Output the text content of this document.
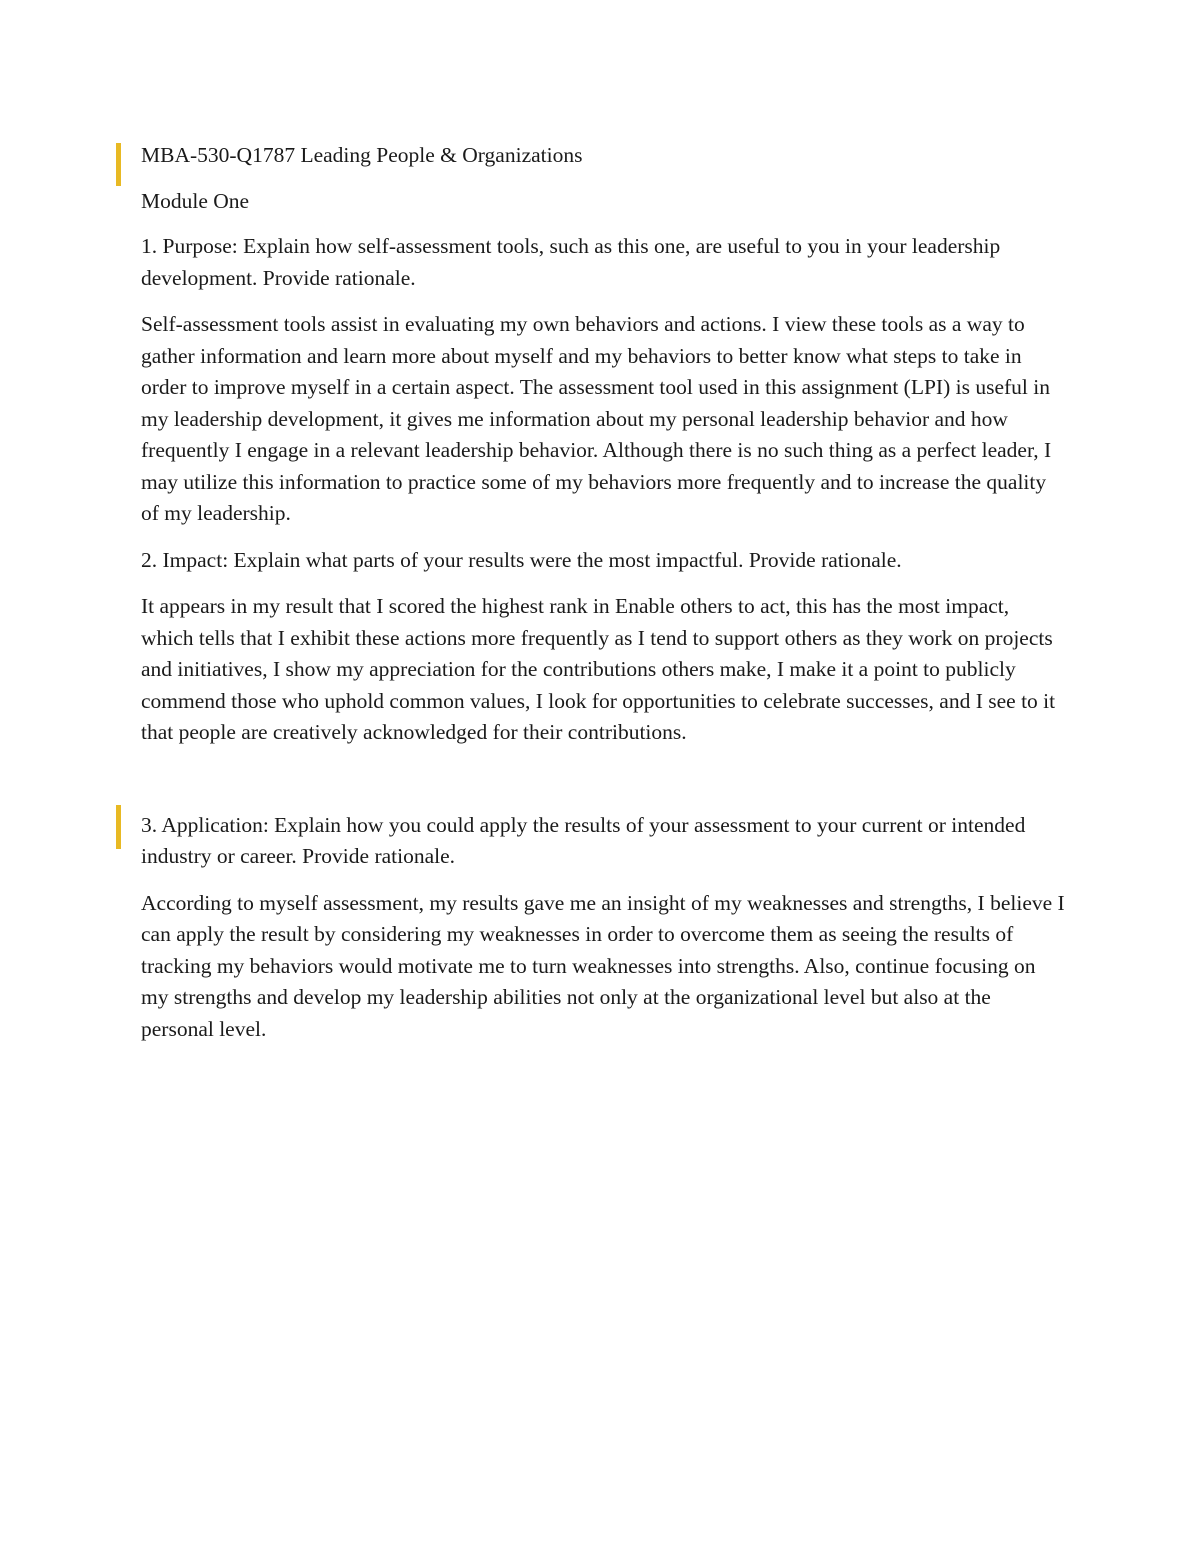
MBA-530-Q1787 Leading People & Organizations

Module One

1. Purpose: Explain how self-assessment tools, such as this one, are useful to you in your leadership development. Provide rationale.

Self-assessment tools assist in evaluating my own behaviors and actions. I view these tools as a way to gather information and learn more about myself and my behaviors to better know what steps to take in order to improve myself in a certain aspect. The assessment tool used in this assignment (LPI) is useful in my leadership development, it gives me information about my personal leadership behavior and how frequently I engage in a relevant leadership behavior. Although there is no such thing as a perfect leader, I may utilize this information to practice some of my behaviors more frequently and to increase the quality of my leadership.

2. Impact: Explain what parts of your results were the most impactful. Provide rationale.

It appears in my result that I scored the highest rank in Enable others to act, this has the most impact, which tells that I exhibit these actions more frequently as I tend to support others as they work on projects and initiatives, I show my appreciation for the contributions others make, I make it a point to publicly commend those who uphold common values, I look for opportunities to celebrate successes, and I see to it that people are creatively acknowledged for their contributions.

3. Application: Explain how you could apply the results of your assessment to your current or intended industry or career. Provide rationale.

According to myself assessment, my results gave me an insight of my weaknesses and strengths, I believe I can apply the result by considering my weaknesses in order to overcome them as seeing the results of tracking my behaviors would motivate me to turn weaknesses into strengths. Also, continue focusing on my strengths and develop my leadership abilities not only at the organizational level but also at the personal level.
